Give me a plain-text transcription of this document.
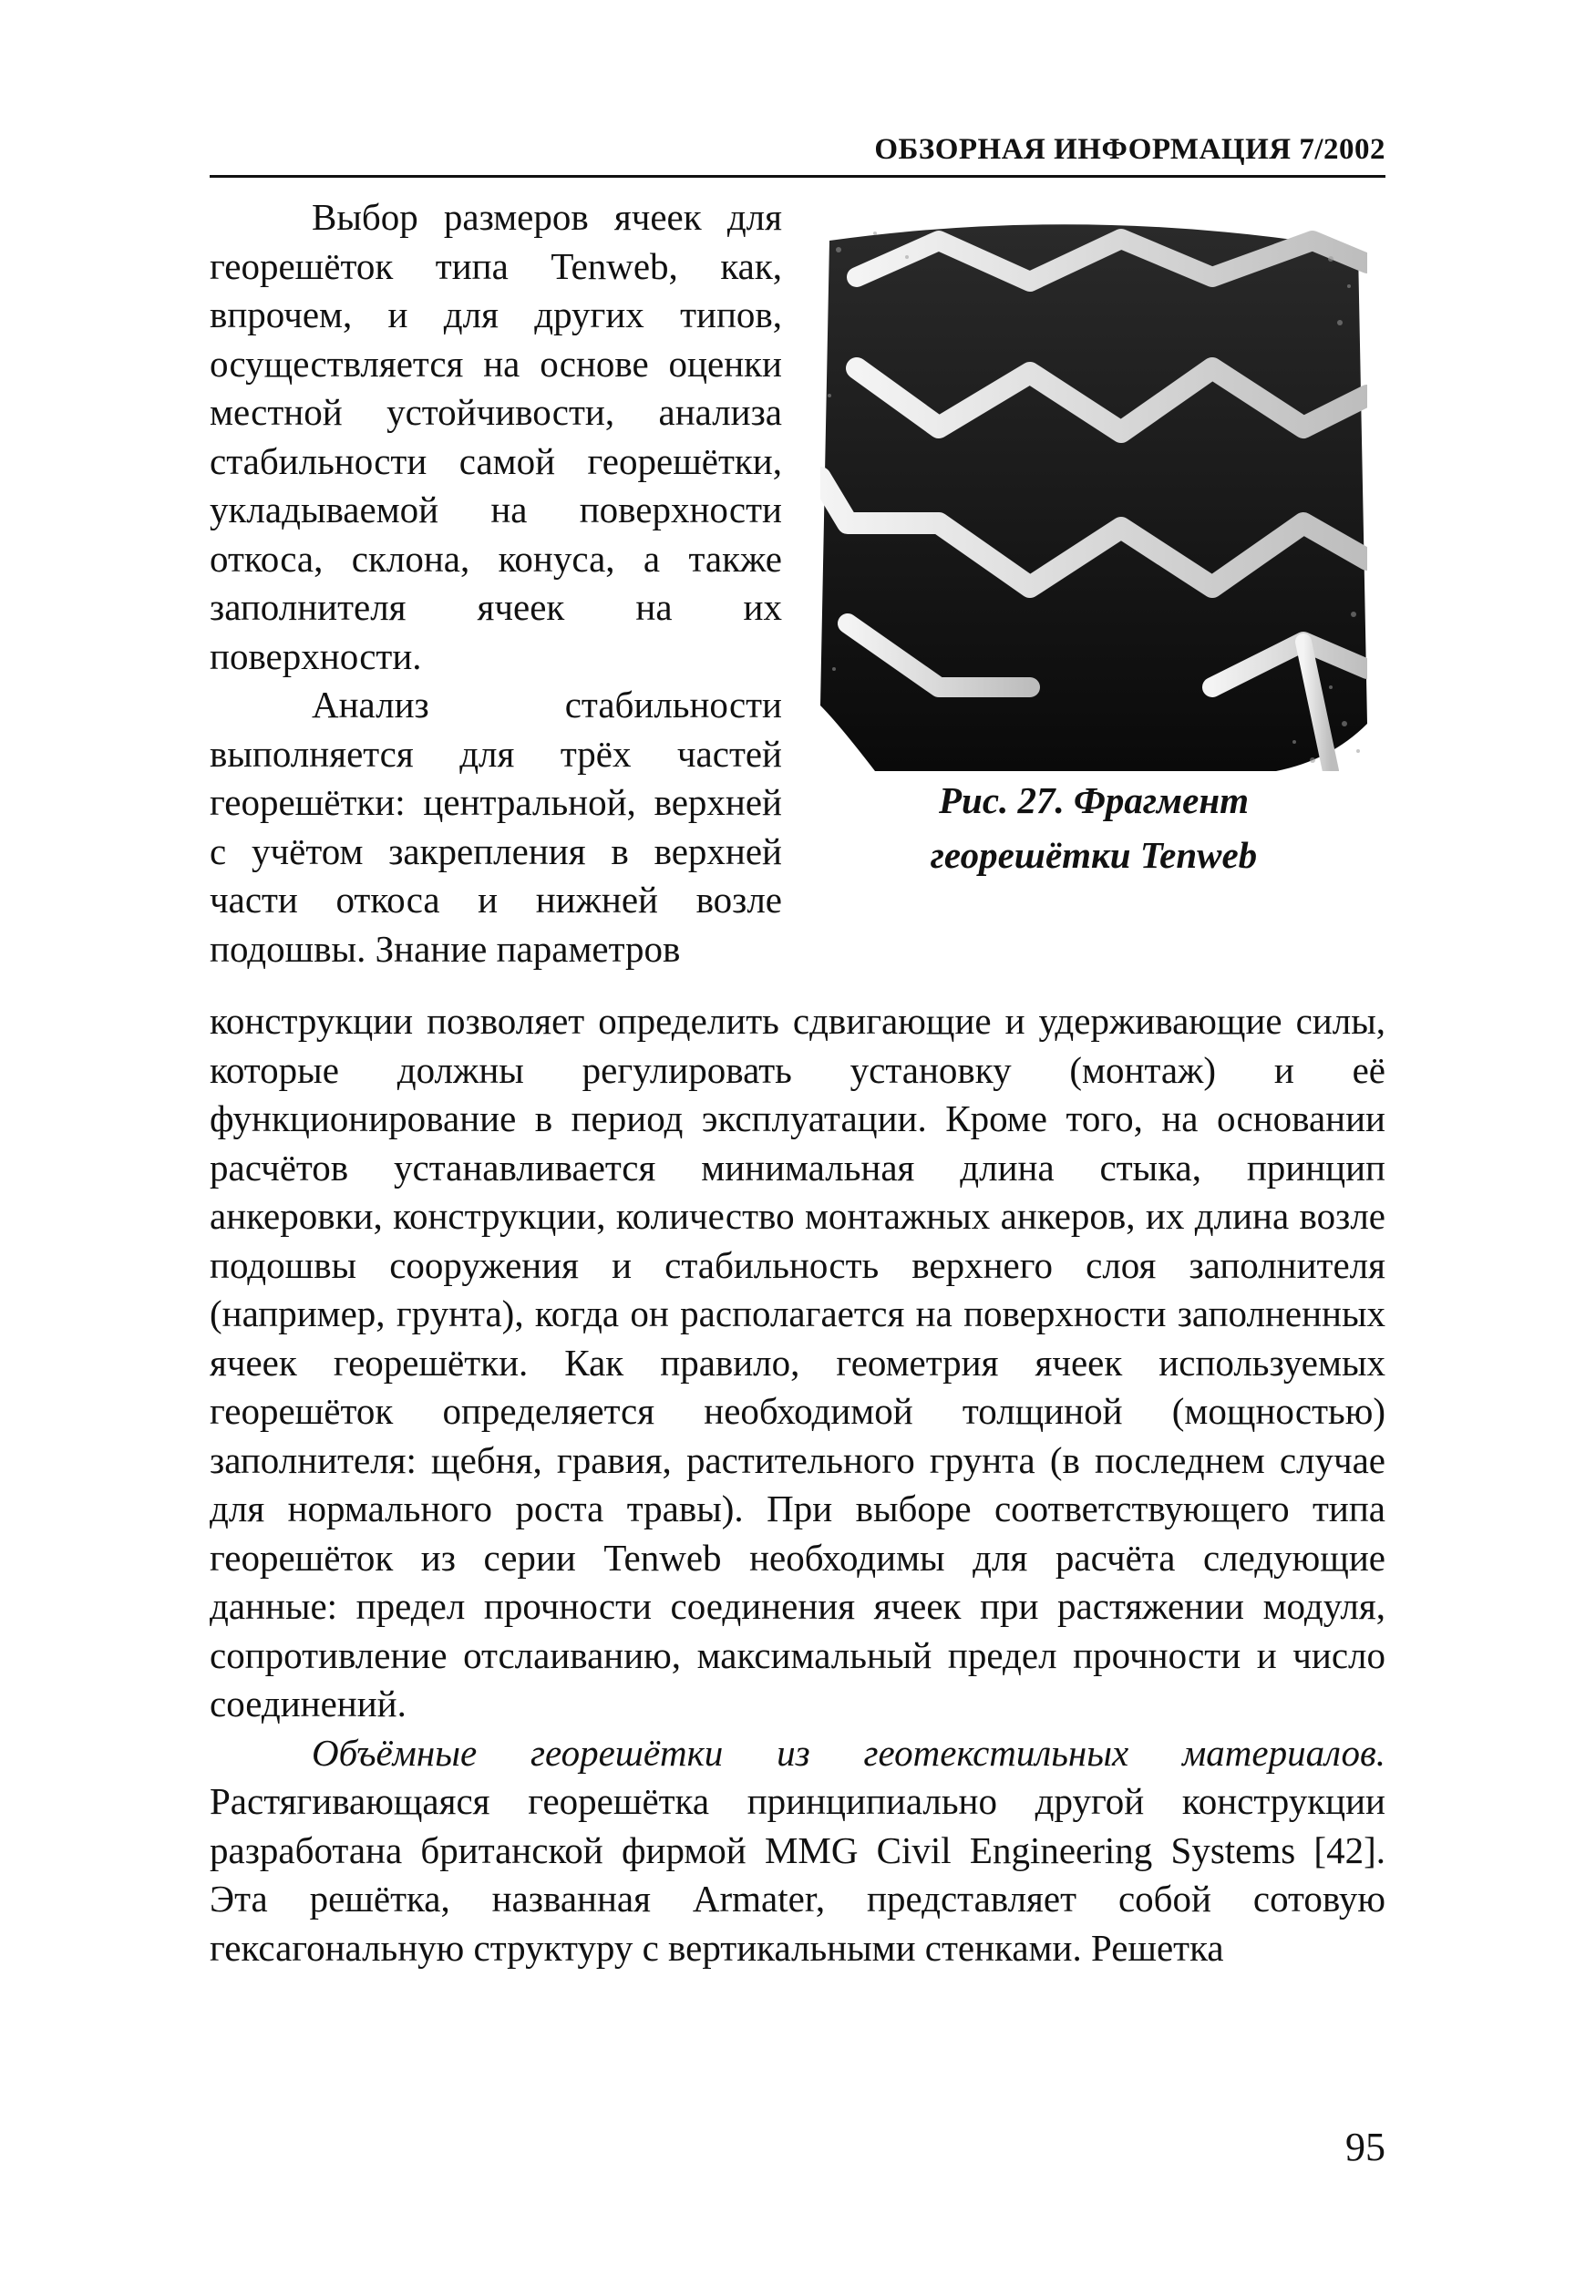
ОБЗОРНАЯ ИНФОРМАЦИЯ 7/2002

Выбор размеров ячеек для георешёток типа Tenweb, как, впрочем, и для других типов, осуществляется на основе оценки местной устойчивости, анализа стабильности самой георешётки, укладываемой на поверхности откоса, склона, конуса, а также заполнителя ячеек на их поверхности.

Анализ стабильности выполняется для трёх частей георешётки: центральной, верхней с учётом закрепления в верхней части откоса и нижней возле подошвы. Знание параметров

Рис. 27. Фрагмент
георешётки Tenweb

конструкции позволяет определить сдвигающие и удерживающие силы, которые должны регулировать установку (монтаж) и её функционирование в период эксплуатации. Кроме того, на основании расчётов устанавливается минимальная длина стыка, принцип анкеровки, конструкции, количество монтажных анкеров, их длина возле подошвы сооружения и стабильность верхнего слоя заполнителя (например, грунта), когда он располагается на поверхности заполненных ячеек георешётки. Как правило, геометрия ячеек используемых георешёток определяется необходимой толщиной (мощностью) заполнителя: щебня, гравия, растительного грунта (в последнем случае для нормального роста травы). При выборе соответствующего типа георешёток из серии Tenweb необходимы для расчёта следующие данные: предел прочности соединения ячеек при растяжении модуля, сопротивление отслаиванию, максимальный предел прочности и число соединений.

Объёмные георешётки из геотекстильных материалов. Растягивающаяся георешётка принципиально другой конструкции разработана британской фирмой MMG Civil Engineering Systems [42]. Эта решётка, названная Armater, представляет собой сотовую гексагональную структуру с вертикальными стенками. Решетка

95
